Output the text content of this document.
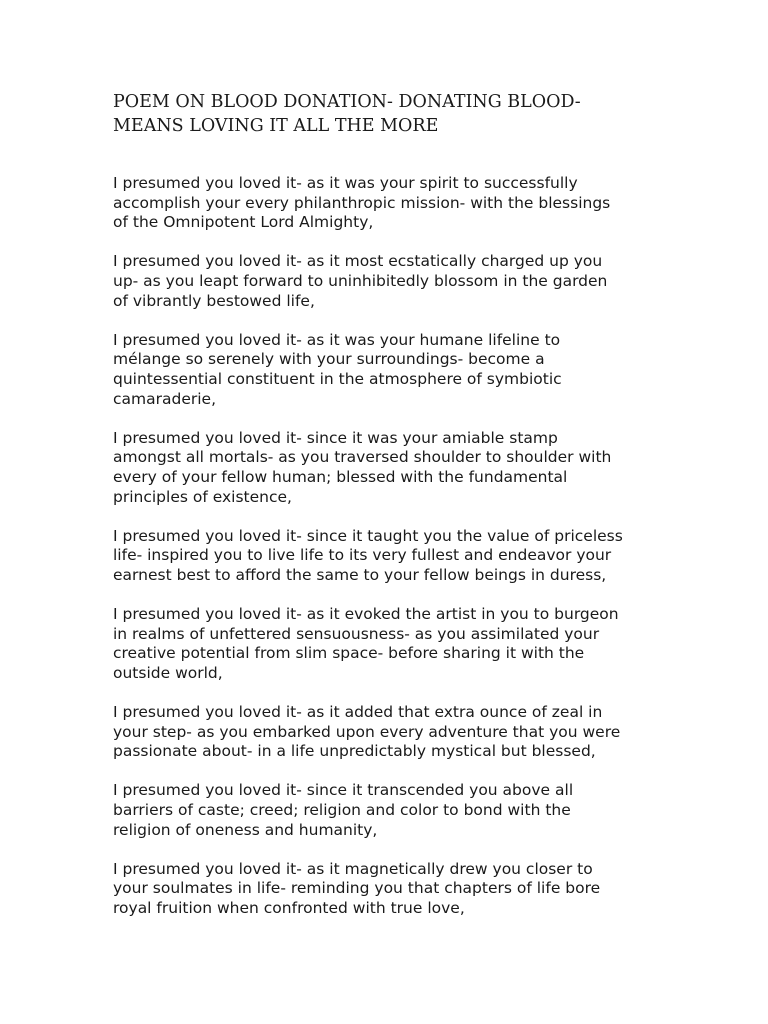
POEM ON BLOOD DONATION- DONATING BLOOD-
MEANS LOVING IT ALL THE MORE

I presumed you loved it- as it was your spirit to successfully
accomplish your every philanthropic mission- with the blessings
of the Omnipotent Lord Almighty,

I presumed you loved it- as it most ecstatically charged up you
up- as you leapt forward to uninhibitedly blossom in the garden
of vibrantly bestowed life,

I presumed you loved it- as it was your humane lifeline to
mélange so serenely with your surroundings- become a
quintessential constituent in the atmosphere of symbiotic
camaraderie,

I presumed you loved it- since it was your amiable stamp
amongst all mortals- as you traversed shoulder to shoulder with
every of your fellow human; blessed with the fundamental
principles of existence,

I presumed you loved it- since it taught you the value of priceless
life- inspired you to live life to its very fullest and endeavor your
earnest best to afford the same to your fellow beings in duress,

I presumed you loved it- as it evoked the artist in you to burgeon
in realms of unfettered sensuousness- as you assimilated your
creative potential from slim space- before sharing it with the
outside world,

I presumed you loved it- as it added that extra ounce of zeal in
your step- as you embarked upon every adventure that you were
passionate about- in a life unpredictably mystical but blessed,

I presumed you loved it- since it transcended you above all
barriers of caste; creed; religion and color to bond with the
religion of oneness and humanity,

I presumed you loved it- as it magnetically drew you closer to
your soulmates in life- reminding you that chapters of life bore
royal fruition when confronted with true love,
